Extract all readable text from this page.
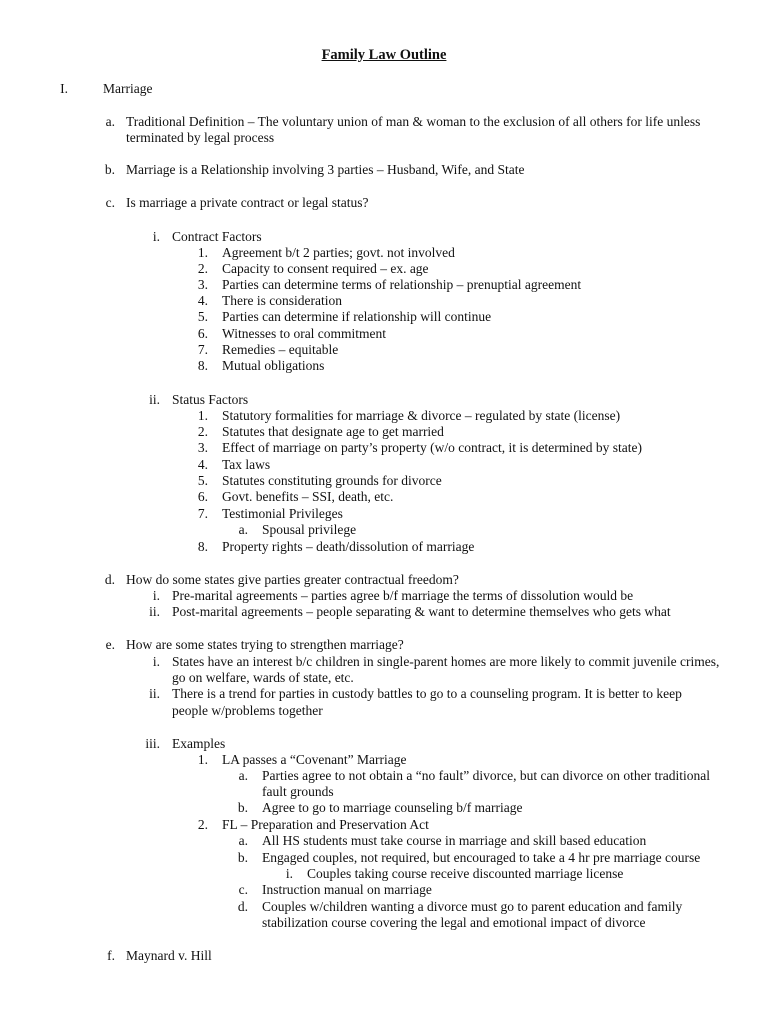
Family Law Outline
I.	Marriage
a. Traditional Definition – The voluntary union of man & woman to the exclusion of all others for life unless
terminated by legal process
b. Marriage is a Relationship involving 3 parties – Husband, Wife, and State
c. Is marriage a private contract or legal status?
i. Contract Factors
1. Agreement b/t 2 parties; govt. not involved
2. Capacity to consent required – ex. age
3. Parties can determine terms of relationship – prenuptial agreement
4. There is consideration
5. Parties can determine if relationship will continue
6. Witnesses to oral commitment
7. Remedies – equitable
8. Mutual obligations
ii. Status Factors
1. Statutory formalities for marriage & divorce – regulated by state (license)
2. Statutes that designate age to get married
3. Effect of marriage on party’s property (w/o contract, it is determined by state)
4. Tax laws
5. Statutes constituting grounds for divorce
6. Govt. benefits – SSI, death, etc.
7. Testimonial Privileges
a. Spousal privilege
8. Property rights – death/dissolution of marriage
d. How do some states give parties greater contractual freedom?
i. Pre-marital agreements – parties agree b/f marriage the terms of dissolution would be
ii. Post-marital agreements – people separating & want to determine themselves who gets what
e. How are some states trying to strengthen marriage?
i. States have an interest b/c children in single-parent homes are more likely to commit juvenile crimes,
go on welfare, wards of state, etc.
ii. There is a trend for parties in custody battles to go to a counseling program. It is better to keep
people w/problems together
iii. Examples
1. LA passes a “Covenant” Marriage
a. Parties agree to not obtain a “no fault” divorce, but can divorce on other traditional
fault grounds
b. Agree to go to marriage counseling b/f marriage
2. FL – Preparation and Preservation Act
a. All HS students must take course in marriage and skill based education
b. Engaged couples, not required, but encouraged to take a 4 hr pre marriage course
i. Couples taking course receive discounted marriage license
c. Instruction manual on marriage
d. Couples w/children wanting a divorce must go to parent education and family
stabilization course covering the legal and emotional impact of divorce
f. Maynard v. Hill
